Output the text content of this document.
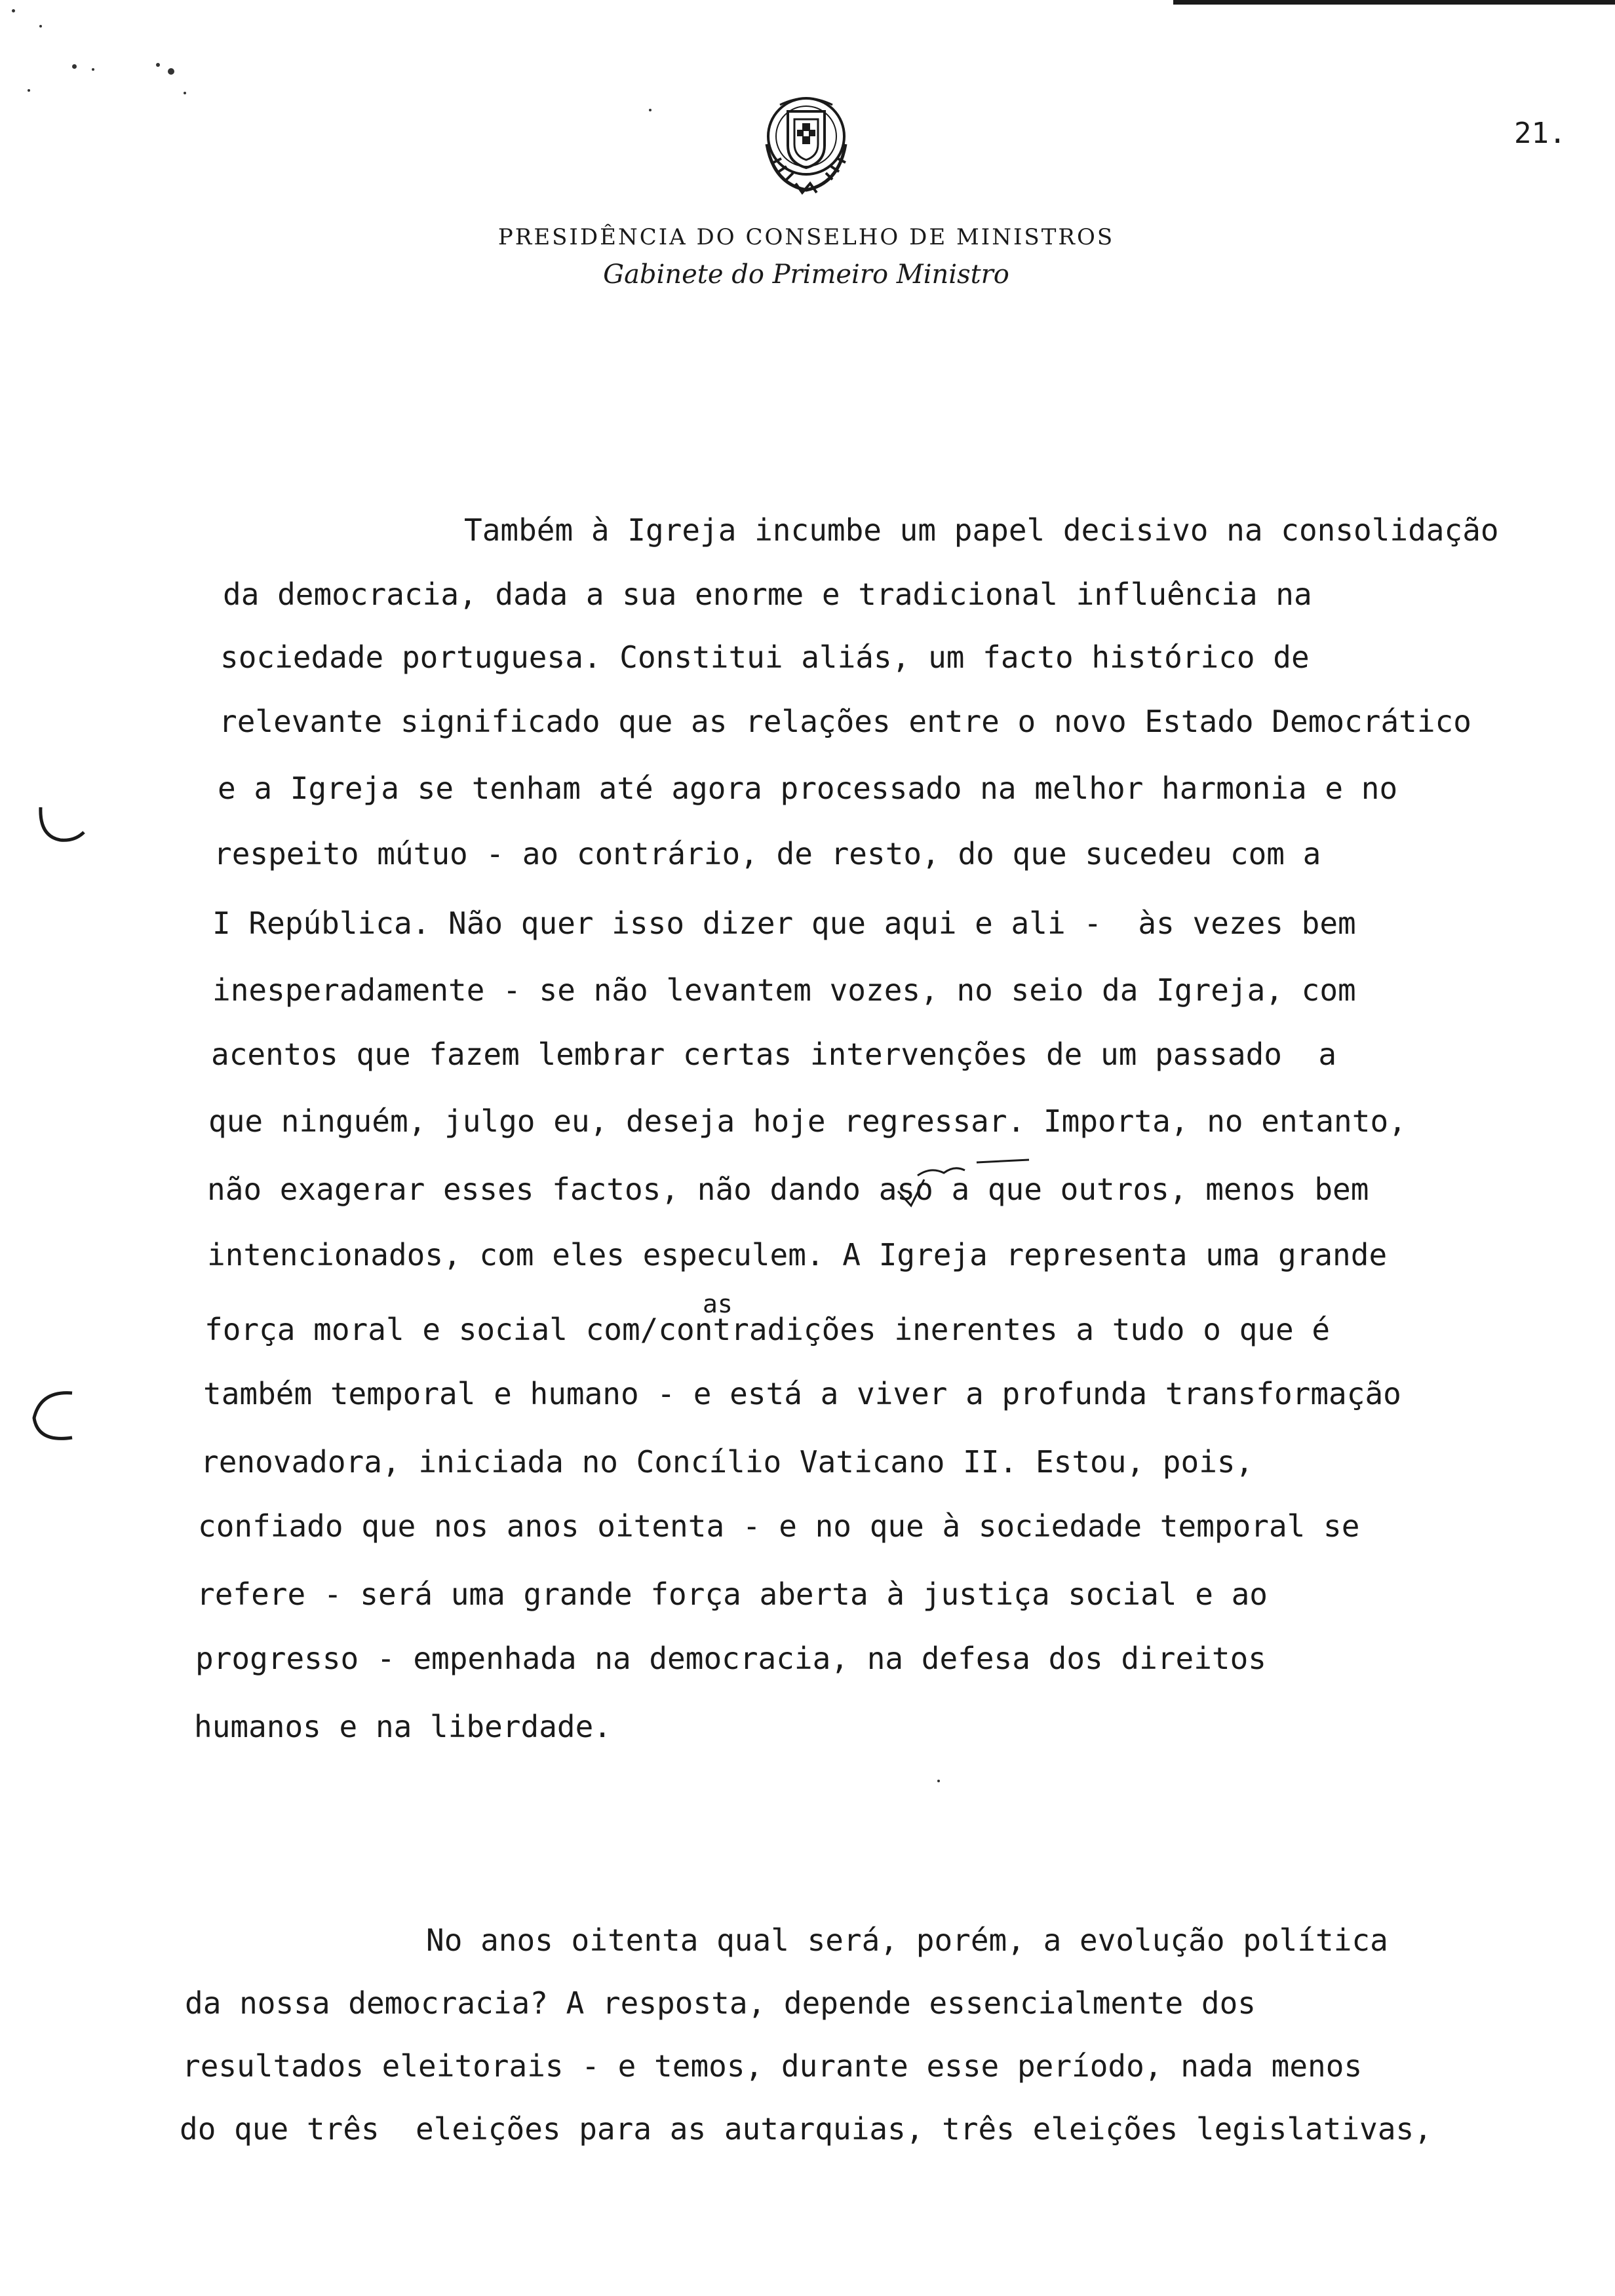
21.
PRESIDÊNCIA DO CONSELHO DE MINISTROS
Gabinete do Primeiro Ministro
Também à Igreja incumbe um papel decisivo na consolidação
da democracia, dada a sua enorme e tradicional influência na
sociedade portuguesa. Constitui aliás, um facto histórico de
relevante significado que as relações entre o novo Estado Democrático
e a Igreja se tenham até agora processado na melhor harmonia e no
respeito mútuo - ao contrário, de resto, do que sucedeu com a
I República. Não quer isso dizer que aqui e ali -  às vezes bem
inesperadamente - se não levantem vozes, no seio da Igreja, com
acentos que fazem lembrar certas intervenções de um passado  a
que ninguém, julgo eu, deseja hoje regressar. Importa, no entanto,
não exagerar esses factos, não dando aso a que outros, menos bem
intencionados, com eles especulem. A Igreja representa uma grande
força moral e social com/contradições inerentes a tudo o que é
também temporal e humano - e está a viver a profunda transformação
renovadora, iniciada no Concílio Vaticano II. Estou, pois,
confiado que nos anos oitenta - e no que à sociedade temporal se
refere - será uma grande força aberta à justiça social e ao
progresso - empenhada na democracia, na defesa dos direitos
humanos e na liberdade.
as
No anos oitenta qual será, porém, a evolução política
da nossa democracia? A resposta, depende essencialmente dos
resultados eleitorais - e temos, durante esse período, nada menos
do que três  eleições para as autarquias, três eleições legislativas,
